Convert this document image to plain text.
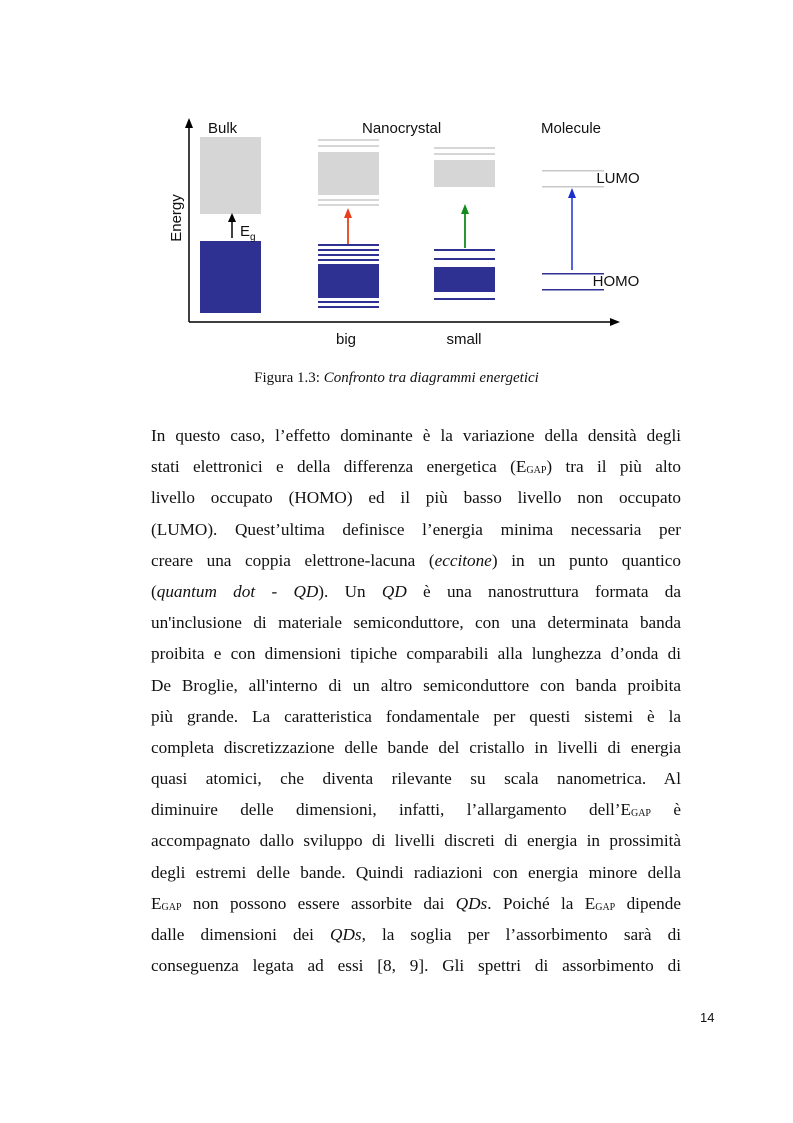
Energy
Bulk	Nanocrystal	Molecule
$E_g$
LUMO
HOMO
big	small
Figura 1.3: Confronto tra diagrammi energetici
In questo caso, l’effetto dominante è la variazione della densità degli
stati elettronici e della differenza energetica (EGAP) tra il più alto
livello occupato (HOMO) ed il più basso livello non occupato
(LUMO). Quest’ultima definisce l’energia minima necessaria per
creare una coppia elettrone-lacuna (eccitone) in un punto quantico
(quantum dot - QD). Un QD è una nanostruttura formata da
un'inclusione di materiale semiconduttore, con una determinata banda
proibita e con dimensioni tipiche comparabili alla lunghezza d’onda di
De Broglie, all'interno di un altro semiconduttore con banda proibita
più grande. La caratteristica fondamentale per questi sistemi è la
completa discretizzazione delle bande del cristallo in livelli di energia
quasi atomici, che diventa rilevante su scala nanometrica. Al
diminuire delle dimensioni, infatti, l’allargamento dell’EGAP è
accompagnato dallo sviluppo di livelli discreti di energia in prossimità
degli estremi delle bande. Quindi radiazioni con energia minore della
EGAP non possono essere assorbite dai QDs. Poiché la EGAP dipende
dalle dimensioni dei QDs, la soglia per l’assorbimento sarà di
conseguenza legata ad essi [8, 9]. Gli spettri di assorbimento di
14
